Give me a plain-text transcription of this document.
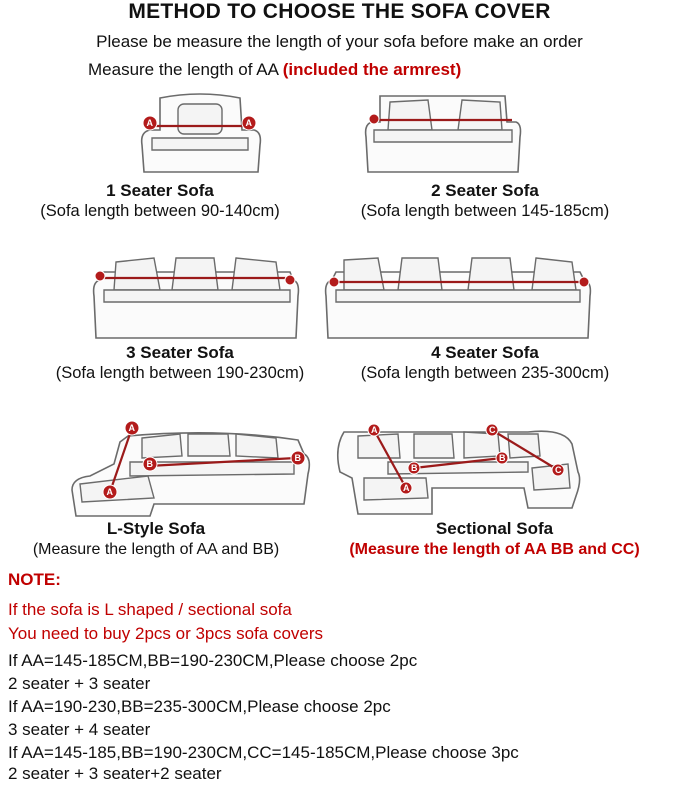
METHOD TO CHOOSE THE SOFA COVER
Please be measure the length of your sofa before make an order
Measure the length of AA (included the armrest)
A	A
1 Seater Sofa
(Sofa length between 90-140cm)
2 Seater Sofa
(Sofa length between 145-185cm)
3 Seater Sofa
(Sofa length between 190-230cm)
4 Seater Sofa
(Sofa length between 235-300cm)
A
A
B
B
A
A
B
B
C
C
L-Style Sofa
(Measure the length of AA and BB)
Sectional Sofa
(Measure the length of AA BB and CC)
NOTE:
If the sofa is L shaped / sectional sofa
You need to buy 2pcs or 3pcs sofa covers
If AA=145-185CM,BB=190-230CM,Please choose 2pc
2 seater + 3 seater
If AA=190-230,BB=235-300CM,Please choose 2pc
3 seater + 4 seater
If AA=145-185,BB=190-230CM,CC=145-185CM,Please choose 3pc
2 seater + 3 seater+2 seater
